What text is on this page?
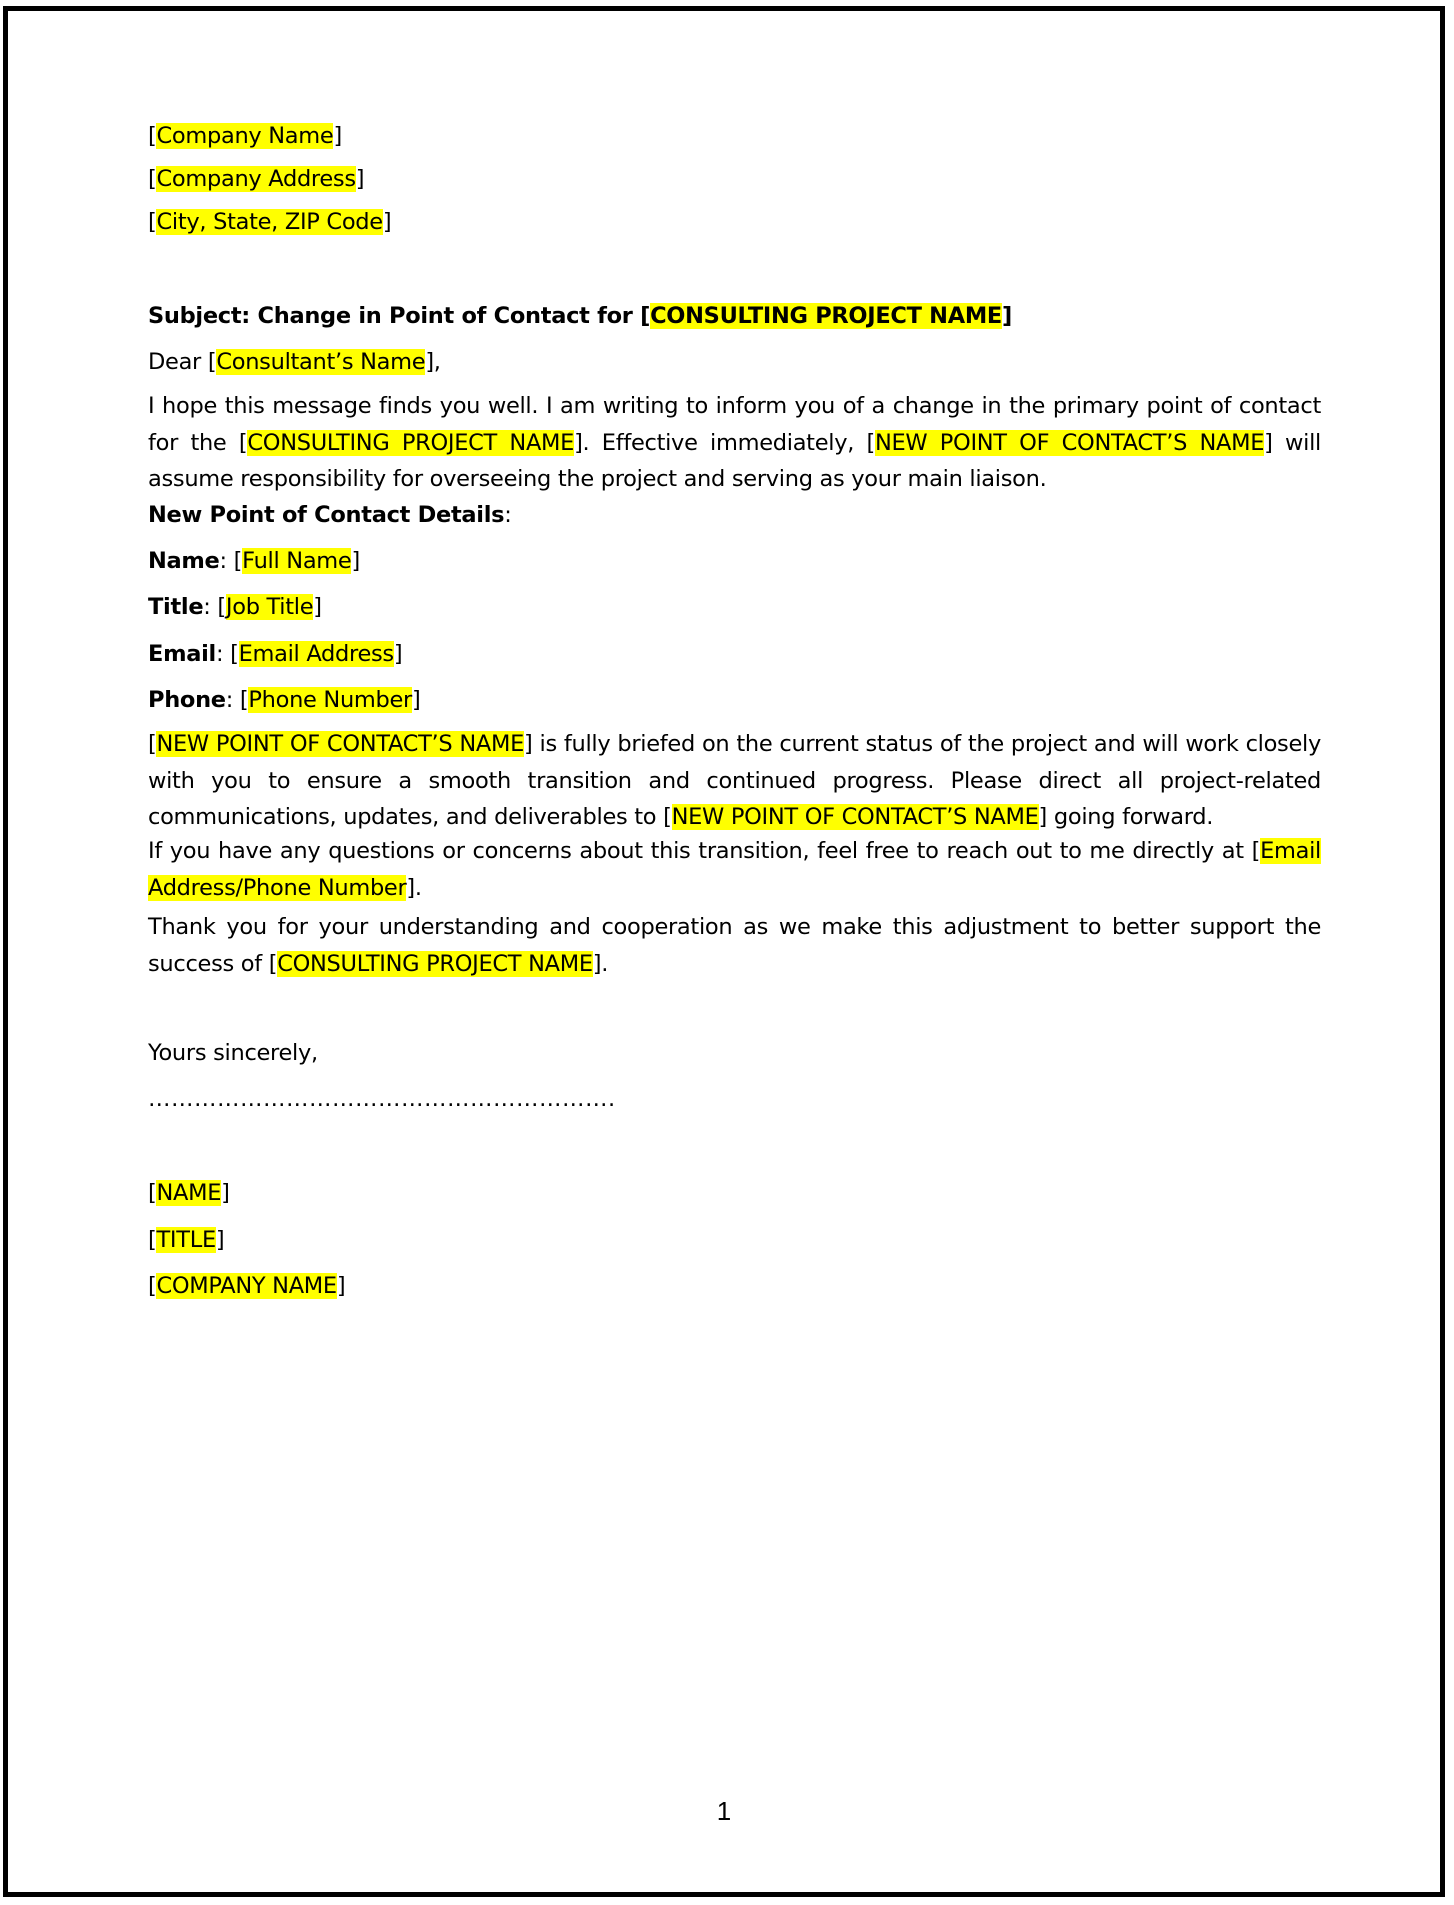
[Company Name]
[Company Address]
[City, State, ZIP Code]
Subject: Change in Point of Contact for [CONSULTING PROJECT NAME]
Dear [Consultant’s Name],
I hope this message finds you well. I am writing to inform you of a change in the primary point of contact for the [CONSULTING PROJECT NAME]. Effective immediately, [NEW POINT OF CONTACT’S NAME] will assume responsibility for overseeing the project and serving as your main liaison.
New Point of Contact Details:
Name: [Full Name]
Title: [Job Title]
Email: [Email Address]
Phone: [Phone Number]
[NEW POINT OF CONTACT’S NAME] is fully briefed on the current status of the project and will work closely with you to ensure a smooth transition and continued progress. Please direct all project-related communications, updates, and deliverables to [NEW POINT OF CONTACT’S NAME] going forward.
If you have any questions or concerns about this transition, feel free to reach out to me directly at [Email Address/Phone Number].
Thank you for your understanding and cooperation as we make this adjustment to better support the success of [CONSULTING PROJECT NAME].
Yours sincerely,
…………………………………………………….
[NAME]
[TITLE]
[COMPANY NAME]
1
